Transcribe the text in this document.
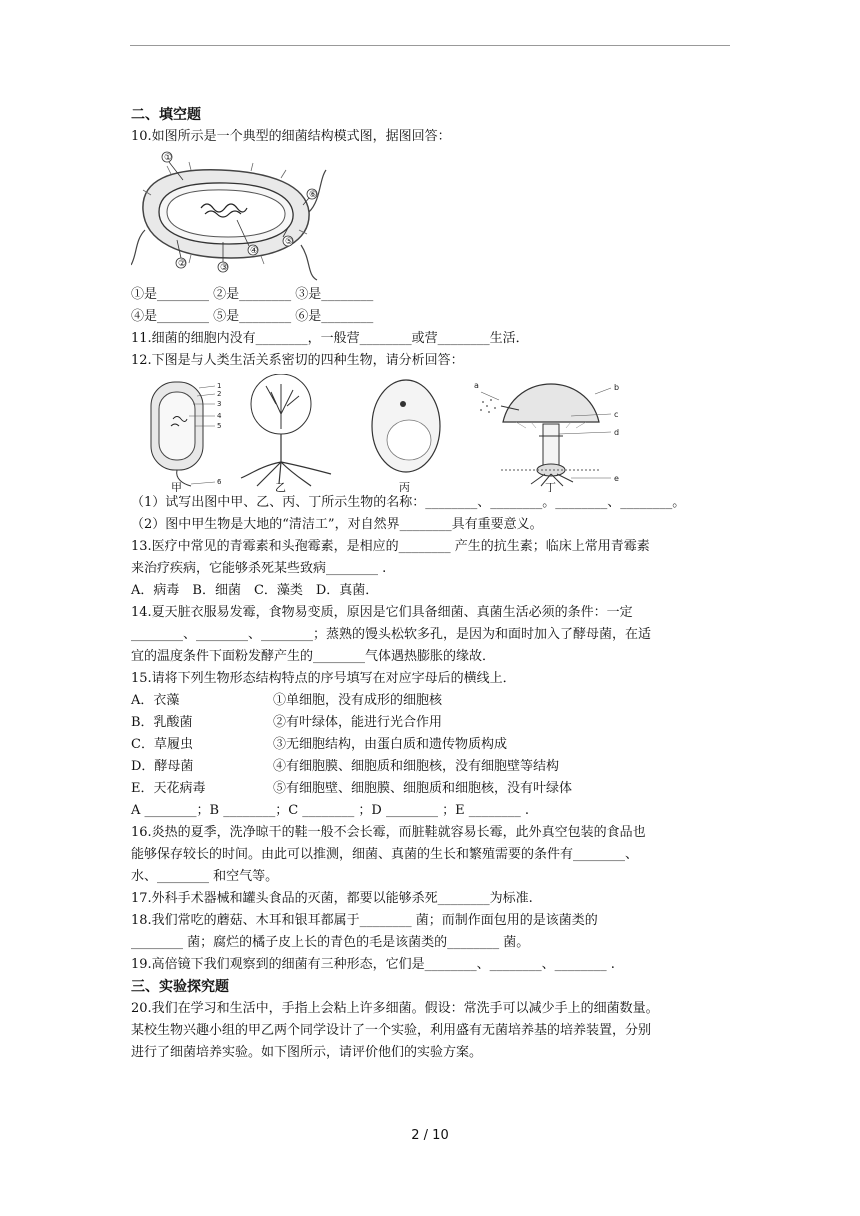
二、填空题
10.如图所示是一个典型的细菌结构模式图，据图回答：
①
②	③
④
⑤
⑥
①是________ ②是________ ③是________
④是________ ⑤是________ ⑥是________
11.细菌的细胞内没有________，一般营________或营________生活．
12.下图是与人类生活关系密切的四种生物，请分析回答：
1
2
3
4
5
6
甲	乙	丙
a	b
c
d
e
丁
（1）试写出图中甲、乙、丙、丁所示生物的名称：________、________。________、________。
（2）图中甲生物是大地的“清洁工”，对自然界________具有重要意义。
13.医疗中常见的青霉素和头孢霉素，是相应的________ 产生的抗生素；临床上常用青霉素
来治疗疾病，它能够杀死某些致病________ .
A．病毒　B．细菌　C．藻类　D．真菌．
14.夏天脏衣服易发霉，食物易变质，原因是它们具备细菌、真菌生活必须的条件：一定
________、________、________；蒸熟的馒头松软多孔，是因为和面时加入了酵母菌，在适
宜的温度条件下面粉发酵产生的________气体遇热膨胀的缘故．
15.请将下列生物形态结构特点的序号填写在对应字母后的横线上．
A．衣藻	①单细胞，没有成形的细胞核
B．乳酸菌	②有叶绿体，能进行光合作用
C．草履虫	③无细胞结构，由蛋白质和遗传物质构成
D．酵母菌	④有细胞膜、细胞质和细胞核，没有细胞壁等结构
E．天花病毒	⑤有细胞壁、细胞膜、细胞质和细胞核，没有叶绿体
A ________；B ________；C ________ ；D ________ ；E ________ .
16.炎热的夏季，洗净晾干的鞋一般不会长霉，而脏鞋就容易长霉，此外真空包装的食品也
能够保存较长的时间。由此可以推测，细菌、真菌的生长和繁殖需要的条件有________、
水、________ 和空气等。
17.外科手术器械和罐头食品的灭菌，都要以能够杀死________为标准.
18.我们常吃的蘑菇、木耳和银耳都属于________ 菌；而制作面包用的是该菌类的
________ 菌；腐烂的橘子皮上长的青色的毛是该菌类的________ 菌。
19.高倍镜下我们观察到的细菌有三种形态，它们是________、________、________ .
三、实验探究题
20.我们在学习和生活中，手指上会粘上许多细菌。假设：常洗手可以减少手上的细菌数量。
某校生物兴趣小组的甲乙两个同学设计了一个实验，利用盛有无菌培养基的培养装置，分别
进行了细菌培养实验。如下图所示，请评价他们的实验方案。
2 / 10
